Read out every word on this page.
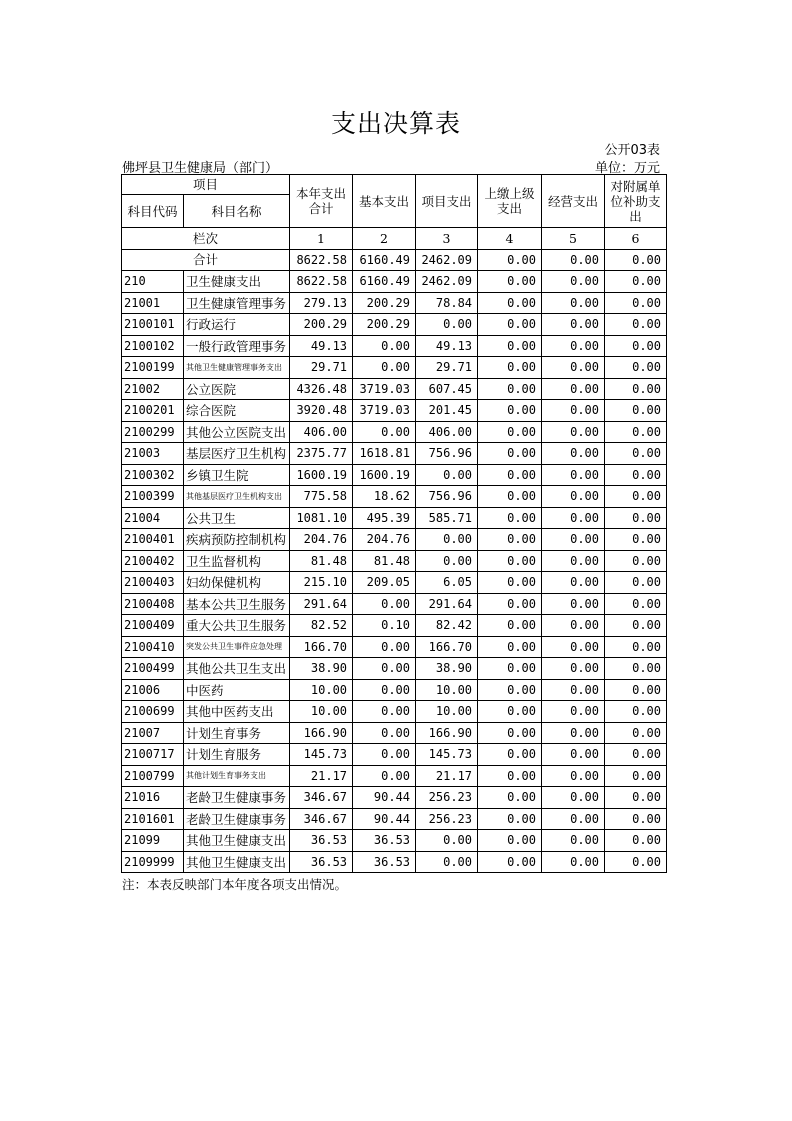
支出决算表
公开03表
佛坪县卫生健康局（部门）	单位：万元
项目		本年支出合计	基本支出	项目支出	上缴上级支出	经营支出	对附属单位补助支出
科目代码	科目名称						
栏次		1	2	3	4	5	6
合计		8622.58	6160.49	2462.09	0.00	0.00	0.00
210	卫生健康支出	8622.58	6160.49	2462.09	0.00	0.00	0.00
21001	卫生健康管理事务	279.13	200.29	78.84	0.00	0.00	0.00
2100101	行政运行	200.29	200.29	0.00	0.00	0.00	0.00
2100102	一般行政管理事务	49.13	0.00	49.13	0.00	0.00	0.00
2100199	其他卫生健康管理事务支出	29.71	0.00	29.71	0.00	0.00	0.00
21002	公立医院	4326.48	3719.03	607.45	0.00	0.00	0.00
2100201	综合医院	3920.48	3719.03	201.45	0.00	0.00	0.00
2100299	其他公立医院支出	406.00	0.00	406.00	0.00	0.00	0.00
21003	基层医疗卫生机构	2375.77	1618.81	756.96	0.00	0.00	0.00
2100302	乡镇卫生院	1600.19	1600.19	0.00	0.00	0.00	0.00
2100399	其他基层医疗卫生机构支出	775.58	18.62	756.96	0.00	0.00	0.00
21004	公共卫生	1081.10	495.39	585.71	0.00	0.00	0.00
2100401	疾病预防控制机构	204.76	204.76	0.00	0.00	0.00	0.00
2100402	卫生监督机构	81.48	81.48	0.00	0.00	0.00	0.00
2100403	妇幼保健机构	215.10	209.05	6.05	0.00	0.00	0.00
2100408	基本公共卫生服务	291.64	0.00	291.64	0.00	0.00	0.00
2100409	重大公共卫生服务	82.52	0.10	82.42	0.00	0.00	0.00
2100410	突发公共卫生事件应急处理	166.70	0.00	166.70	0.00	0.00	0.00
2100499	其他公共卫生支出	38.90	0.00	38.90	0.00	0.00	0.00
21006	中医药	10.00	0.00	10.00	0.00	0.00	0.00
2100699	其他中医药支出	10.00	0.00	10.00	0.00	0.00	0.00
21007	计划生育事务	166.90	0.00	166.90	0.00	0.00	0.00
2100717	计划生育服务	145.73	0.00	145.73	0.00	0.00	0.00
2100799	其他计划生育事务支出	21.17	0.00	21.17	0.00	0.00	0.00
21016	老龄卫生健康事务	346.67	90.44	256.23	0.00	0.00	0.00
2101601	老龄卫生健康事务	346.67	90.44	256.23	0.00	0.00	0.00
21099	其他卫生健康支出	36.53	36.53	0.00	0.00	0.00	0.00
2109999	其他卫生健康支出	36.53	36.53	0.00	0.00	0.00	0.00
注：本表反映部门本年度各项支出情况。
